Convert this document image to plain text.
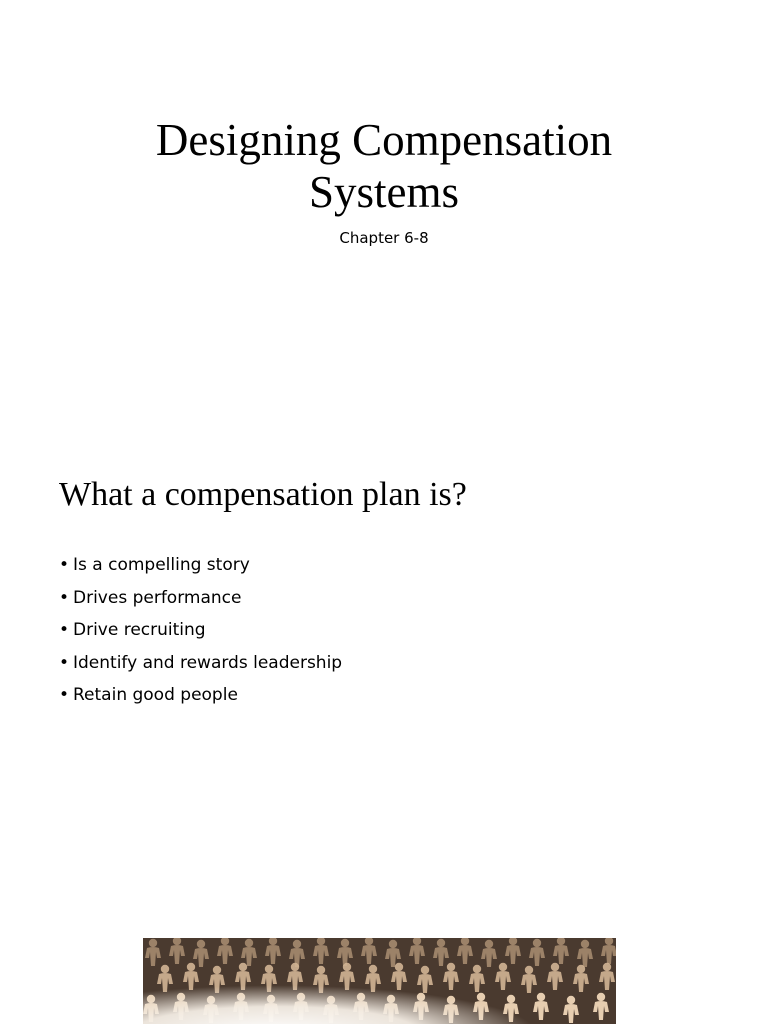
Designing Compensation
Systems
Chapter 6-8
What a compensation plan is?
• Is a compelling story
• Drives performance
• Drive recruiting
• Identify and rewards leadership
• Retain good people
